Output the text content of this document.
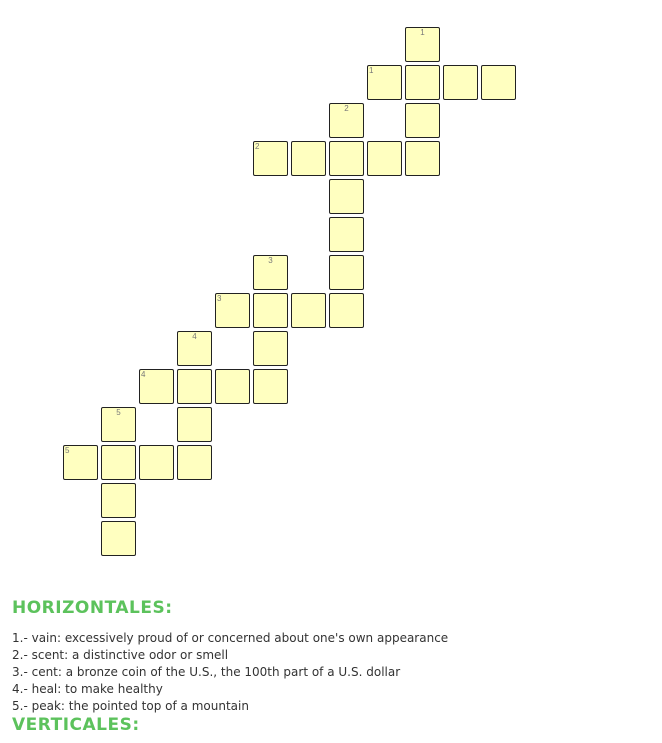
1
1
2
2
3
3
4
4
5
5
HORIZONTALES:
1.- vain: excessively proud of or concerned about one's own appearance
2.- scent: a distinctive odor or smell
3.- cent: a bronze coin of the U.S., the 100th part of a U.S. dollar
4.- heal: to make healthy
5.- peak: the pointed top of a mountain
VERTICALES:
